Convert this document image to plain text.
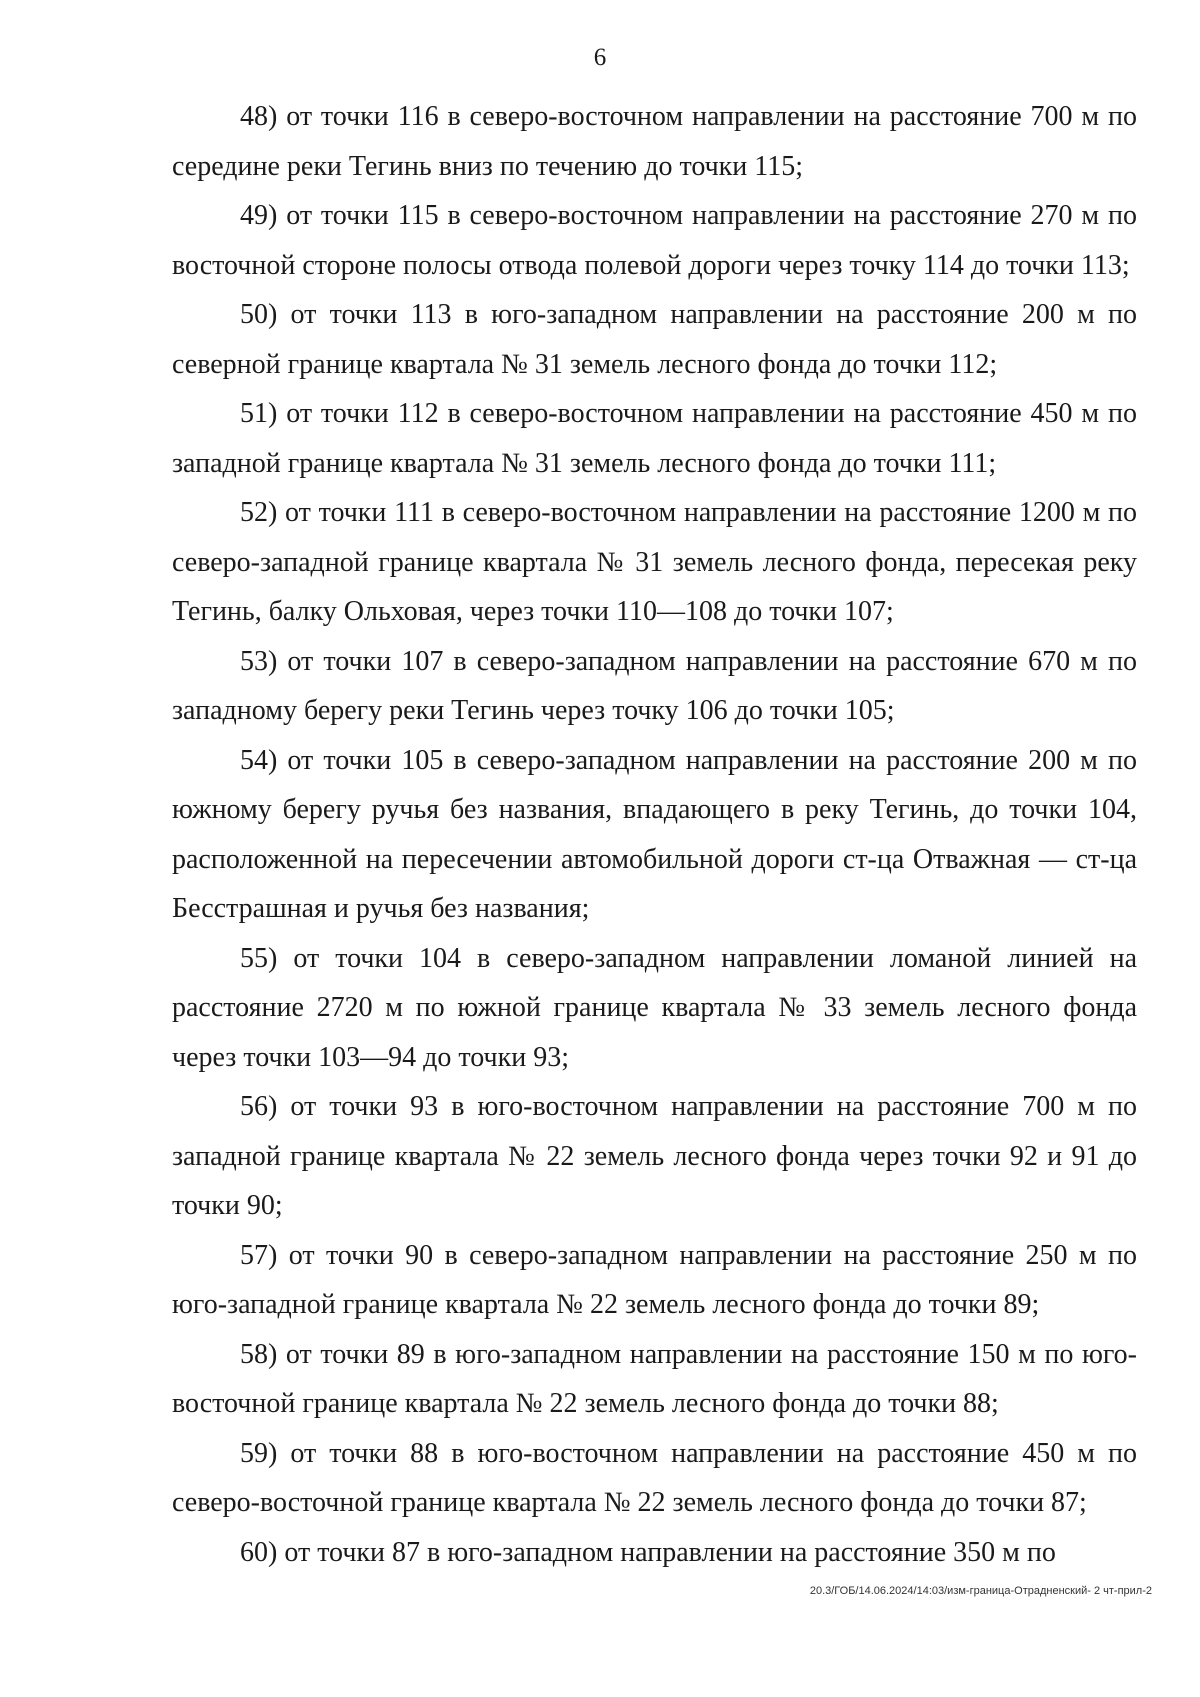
6

48) от точки 116 в северо-восточном направлении на расстояние 700 м по середине реки Тегинь вниз по течению до точки 115;

49) от точки 115 в северо-восточном направлении на расстояние 270 м по восточной стороне полосы отвода полевой дороги через точку 114 до точки 113;

50) от точки 113 в юго-западном направлении на расстояние 200 м по северной границе квартала № 31 земель лесного фонда до точки 112;

51) от точки 112 в северо-восточном направлении на расстояние 450 м по западной границе квартала № 31 земель лесного фонда до точки 111;

52) от точки 111 в северо-восточном направлении на расстояние 1200 м по северо-западной границе квартала № 31 земель лесного фонда, пересекая реку Тегинь, балку Ольховая, через точки 110—108 до точки 107;

53) от точки 107 в северо-западном направлении на расстояние 670 м по западному берегу реки Тегинь через точку 106 до точки 105;

54) от точки 105 в северо-западном направлении на расстояние 200 м по южному берегу ручья без названия, впадающего в реку Тегинь, до точки 104, расположенной на пересечении автомобильной дороги ст-ца Отважная — ст-ца Бесстрашная и ручья без названия;

55) от точки 104 в северо-западном направлении ломаной линией на расстояние 2720 м по южной границе квартала № 33 земель лесного фонда через точки 103—94 до точки 93;

56) от точки 93 в юго-восточном направлении на расстояние 700 м по западной границе квартала № 22 земель лесного фонда через точки 92 и 91 до точки 90;

57) от точки 90 в северо-западном направлении на расстояние 250 м по юго-западной границе квартала № 22 земель лесного фонда до точки 89;

58) от точки 89 в юго-западном направлении на расстояние 150 м по юго-восточной границе квартала № 22 земель лесного фонда до точки 88;

59) от точки 88 в юго-восточном направлении на расстояние 450 м по северо-восточной границе квартала № 22 земель лесного фонда до точки 87;

60) от точки 87 в юго-западном направлении на расстояние 350 м по

20.3/ГОБ/14.06.2024/14:03/изм-граница-Отрадненский- 2 чт-прил-2
